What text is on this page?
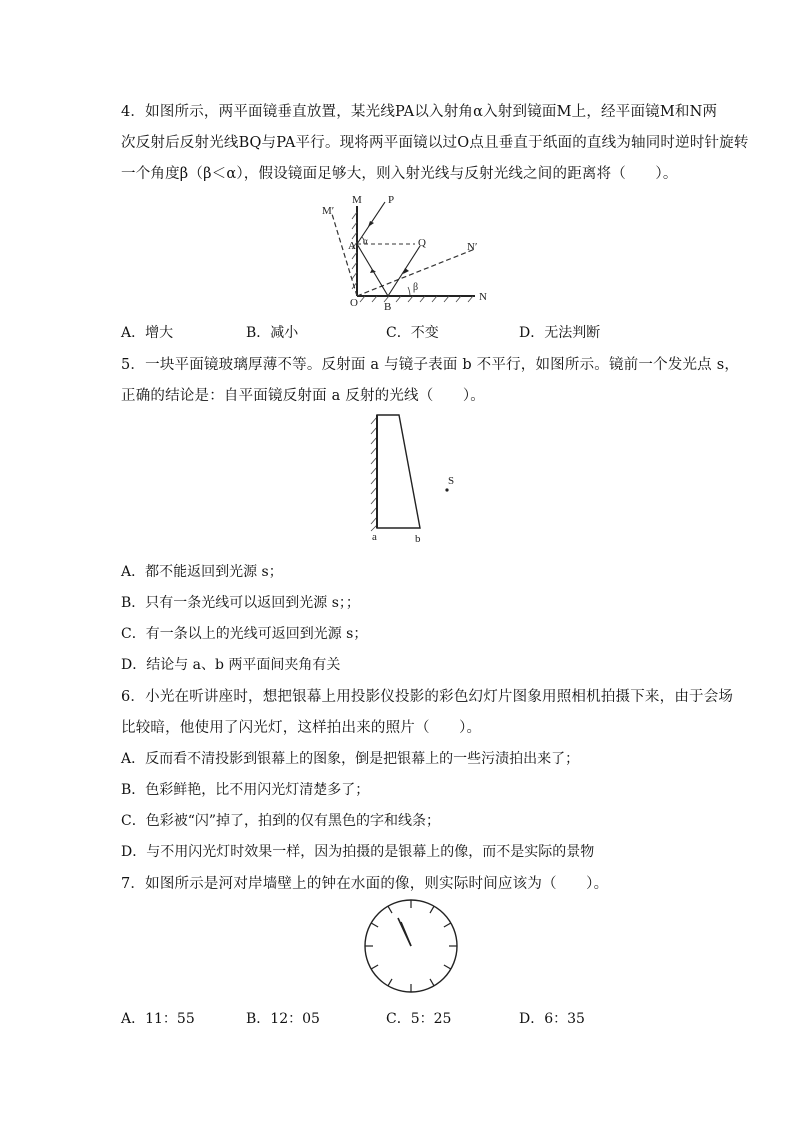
4．如图所示，两平面镜垂直放置，某光线PA以入射角α入射到镜面M上，经平面镜M和N两
次反射后反射光线BQ与PA平行。现将两平面镜以过O点且垂直于纸面的直线为轴同时逆时针旋转
一个角度β（β＜α），假设镜面足够大，则入射光线与反射光线之间的距离将（　　）。
M′
M P
A α	Q	N′
β
O B
N
A．增大	B．减小	C．不变	D．无法判断
5．一块平面镜玻璃厚薄不等。反射面 a 与镜子表面 b 不平行，如图所示。镜前一个发光点 s，
正确的结论是：自平面镜反射面 a 反射的光线（　　）。
S
a	b
A．都不能返回到光源 s；
B．只有一条光线可以返回到光源 s；；
C．有一条以上的光线可返回到光源 s；
D．结论与 a、b 两平面间夹角有关
6．小光在听讲座时，想把银幕上用投影仪投影的彩色幻灯片图象用照相机拍摄下来，由于会场
比较暗，他使用了闪光灯，这样拍出来的照片（　　）。
A．反而看不清投影到银幕上的图象，倒是把银幕上的一些污渍拍出来了；
B．色彩鲜艳，比不用闪光灯清楚多了；
C．色彩被“闪”掉了，拍到的仅有黑色的字和线条；
D．与不用闪光灯时效果一样，因为拍摄的是银幕上的像，而不是实际的景物
7．如图所示是河对岸墙壁上的钟在水面的像，则实际时间应该为（　　）。
A．11：55	B．12：05	C．5：25	D．6：35
